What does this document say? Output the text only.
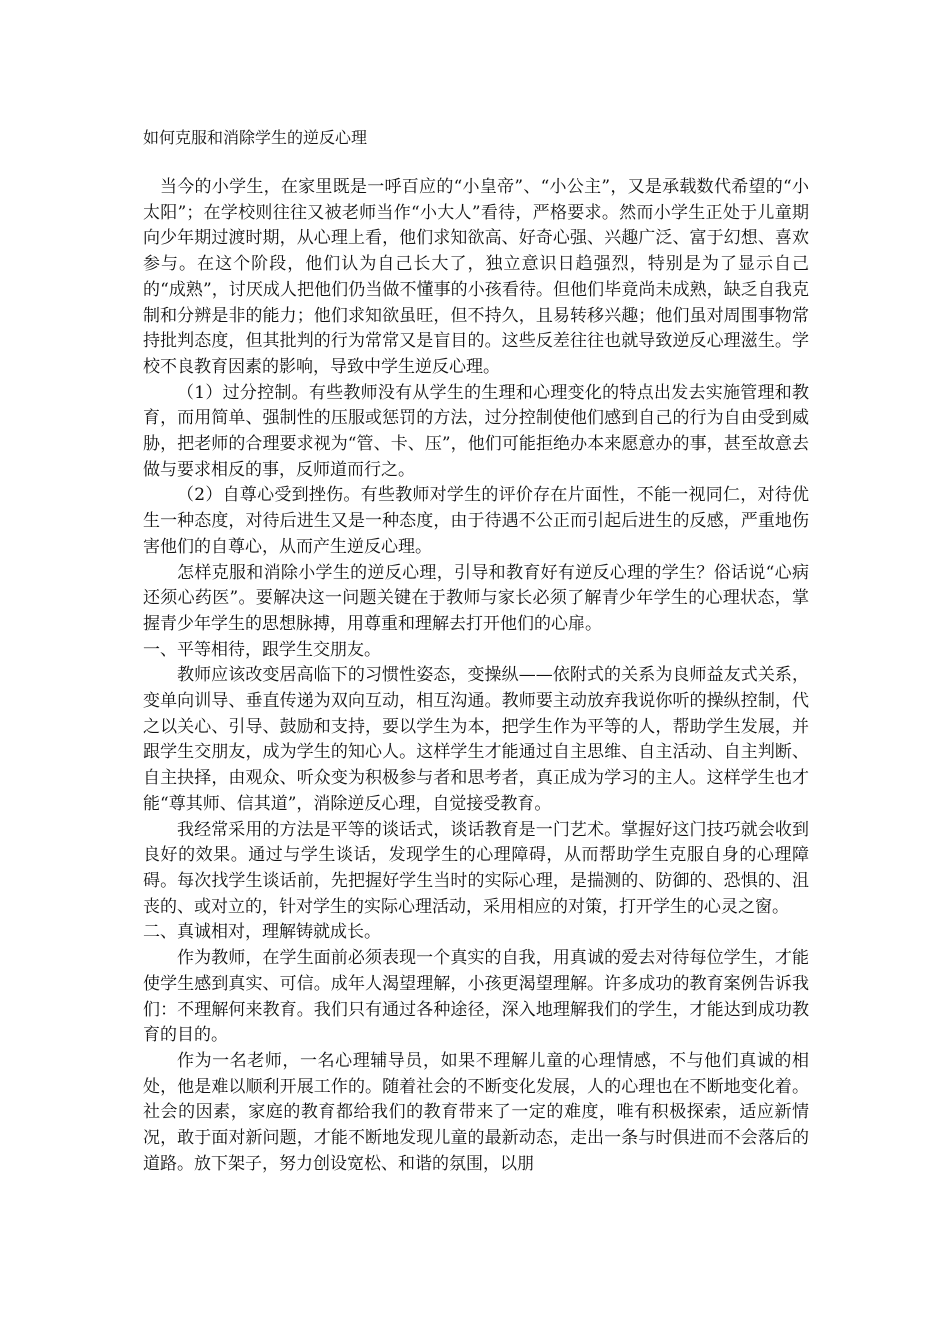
如何克服和消除学生的逆反心理

当今的小学生，在家里既是一呼百应的“小皇帝”、“小公主”，又是承载数代希望的“小太阳”；在学校则往往又被老师当作“小大人”看待，严格要求。然而小学生正处于儿童期向少年期过渡时期，从心理上看，他们求知欲高、好奇心强、兴趣广泛、富于幻想、喜欢参与。在这个阶段，他们认为自己长大了，独立意识日趋强烈，特别是为了显示自己的“成熟”，讨厌成人把他们仍当做不懂事的小孩看待。但他们毕竟尚未成熟，缺乏自我克制和分辨是非的能力；他们求知欲虽旺，但不持久，且易转移兴趣；他们虽对周围事物常持批判态度，但其批判的行为常常又是盲目的。这些反差往往也就导致逆反心理滋生。学校不良教育因素的影响，导致中学生逆反心理。

（1）过分控制。有些教师没有从学生的生理和心理变化的特点出发去实施管理和教育，而用简单、强制性的压服或惩罚的方法，过分控制使他们感到自己的行为自由受到威胁，把老师的合理要求视为“管、卡、压”，他们可能拒绝办本来愿意办的事，甚至故意去做与要求相反的事，反师道而行之。

（2）自尊心受到挫伤。有些教师对学生的评价存在片面性，不能一视同仁，对待优生一种态度，对待后进生又是一种态度，由于待遇不公正而引起后进生的反感，严重地伤害他们的自尊心，从而产生逆反心理。

怎样克服和消除小学生的逆反心理，引导和教育好有逆反心理的学生？俗话说“心病还须心药医”。要解决这一问题关键在于教师与家长必须了解青少年学生的心理状态，掌握青少年学生的思想脉搏，用尊重和理解去打开他们的心扉。

一、平等相待，跟学生交朋友。

教师应该改变居高临下的习惯性姿态，变操纵——依附式的关系为良师益友式关系，变单向训导、垂直传递为双向互动，相互沟通。教师要主动放弃我说你听的操纵控制，代之以关心、引导、鼓励和支持，要以学生为本，把学生作为平等的人，帮助学生发展，并跟学生交朋友，成为学生的知心人。这样学生才能通过自主思维、自主活动、自主判断、自主抉择，由观众、听众变为积极参与者和思考者，真正成为学习的主人。这样学生也才能“尊其师、信其道”，消除逆反心理，自觉接受教育。

我经常采用的方法是平等的谈话式，谈话教育是一门艺术。掌握好这门技巧就会收到良好的效果。通过与学生谈话，发现学生的心理障碍，从而帮助学生克服自身的心理障碍。每次找学生谈话前，先把握好学生当时的实际心理，是揣测的、防御的、恐惧的、沮丧的、或对立的，针对学生的实际心理活动，采用相应的对策，打开学生的心灵之窗。

二、真诚相对，理解铸就成长。

作为教师，在学生面前必须表现一个真实的自我，用真诚的爱去对待每位学生，才能使学生感到真实、可信。成年人渴望理解，小孩更渴望理解。许多成功的教育案例告诉我们：不理解何来教育。我们只有通过各种途径，深入地理解我们的学生，才能达到成功教育的目的。

作为一名老师，一名心理辅导员，如果不理解儿童的心理情感，不与他们真诚的相处，他是难以顺利开展工作的。随着社会的不断变化发展，人的心理也在不断地变化着。社会的因素，家庭的教育都给我们的教育带来了一定的难度，唯有积极探索，适应新情况，敢于面对新问题，才能不断地发现儿童的最新动态，走出一条与时俱进而不会落后的道路。放下架子，努力创设宽松、和谐的氛围，以朋
